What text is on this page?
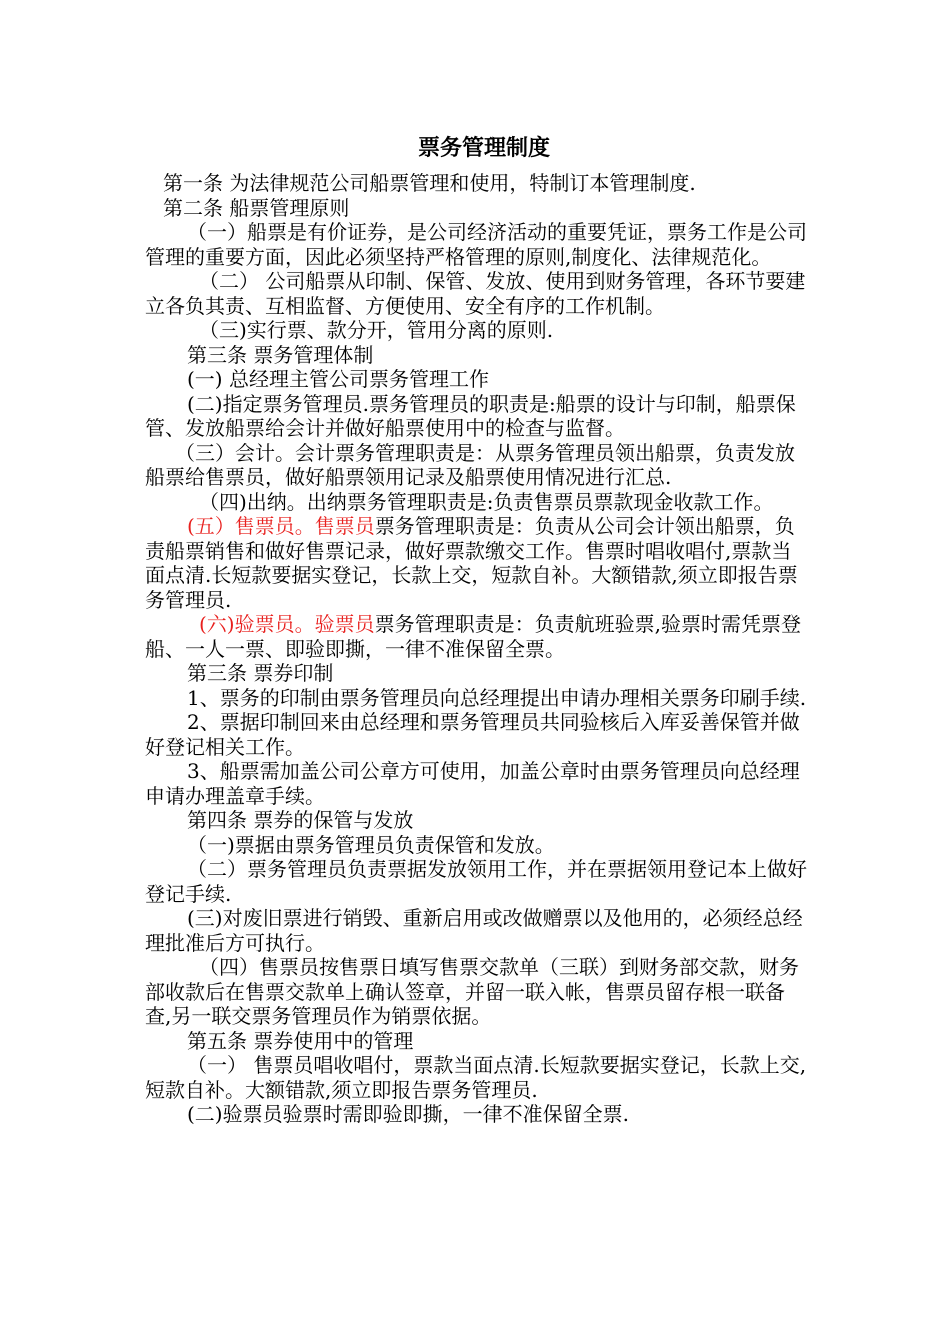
票务管理制度

第一条 为法律规范公司船票管理和使用，特制订本管理制度.

第二条 船票管理原则

（一）船票是有价证券，是公司经济活动的重要凭证，票务工作是公司管理的重要方面，因此必须坚持严格管理的原则,制度化、法律规范化。

（二） 公司船票从印制、保管、发放、使用到财务管理，各环节要建立各负其责、互相监督、方便使用、安全有序的工作机制。

（三)实行票、款分开，管用分离的原则.

第三条 票务管理体制

(一) 总经理主管公司票务管理工作

(二)指定票务管理员.票务管理员的职责是:船票的设计与印制，船票保管、发放船票给会计并做好船票使用中的检查与监督。

（三）会计。会计票务管理职责是：从票务管理员领出船票，负责发放船票给售票员，做好船票领用记录及船票使用情况进行汇总.

（四)出纳。出纳票务管理职责是:负责售票员票款现金收款工作。

(五）售票员。售票员票务管理职责是：负责从公司会计领出船票，负责船票销售和做好售票记录，做好票款缴交工作。售票时唱收唱付,票款当面点清.长短款要据实登记，长款上交，短款自补。大额错款,须立即报告票务管理员.

(六)验票员。验票员票务管理职责是：负责航班验票,验票时需凭票登船、一人一票、即验即撕，一律不准保留全票。

第三条 票券印制

1、票务的印制由票务管理员向总经理提出申请办理相关票务印刷手续.

2、票据印制回来由总经理和票务管理员共同验核后入库妥善保管并做好登记相关工作。

3、船票需加盖公司公章方可使用，加盖公章时由票务管理员向总经理申请办理盖章手续。

第四条 票券的保管与发放

（一)票据由票务管理员负责保管和发放。

（二）票务管理员负责票据发放领用工作，并在票据领用登记本上做好登记手续.

(三)对废旧票进行销毁、重新启用或改做赠票以及他用的，必须经总经理批准后方可执行。

（四）售票员按售票日填写售票交款单（三联）到财务部交款，财务部收款后在售票交款单上确认签章，并留一联入帐，售票员留存根一联备查,另一联交票务管理员作为销票依据。

第五条 票券使用中的管理

（一） 售票员唱收唱付，票款当面点清.长短款要据实登记，长款上交,短款自补。大额错款,须立即报告票务管理员.

(二)验票员验票时需即验即撕，一律不准保留全票.
